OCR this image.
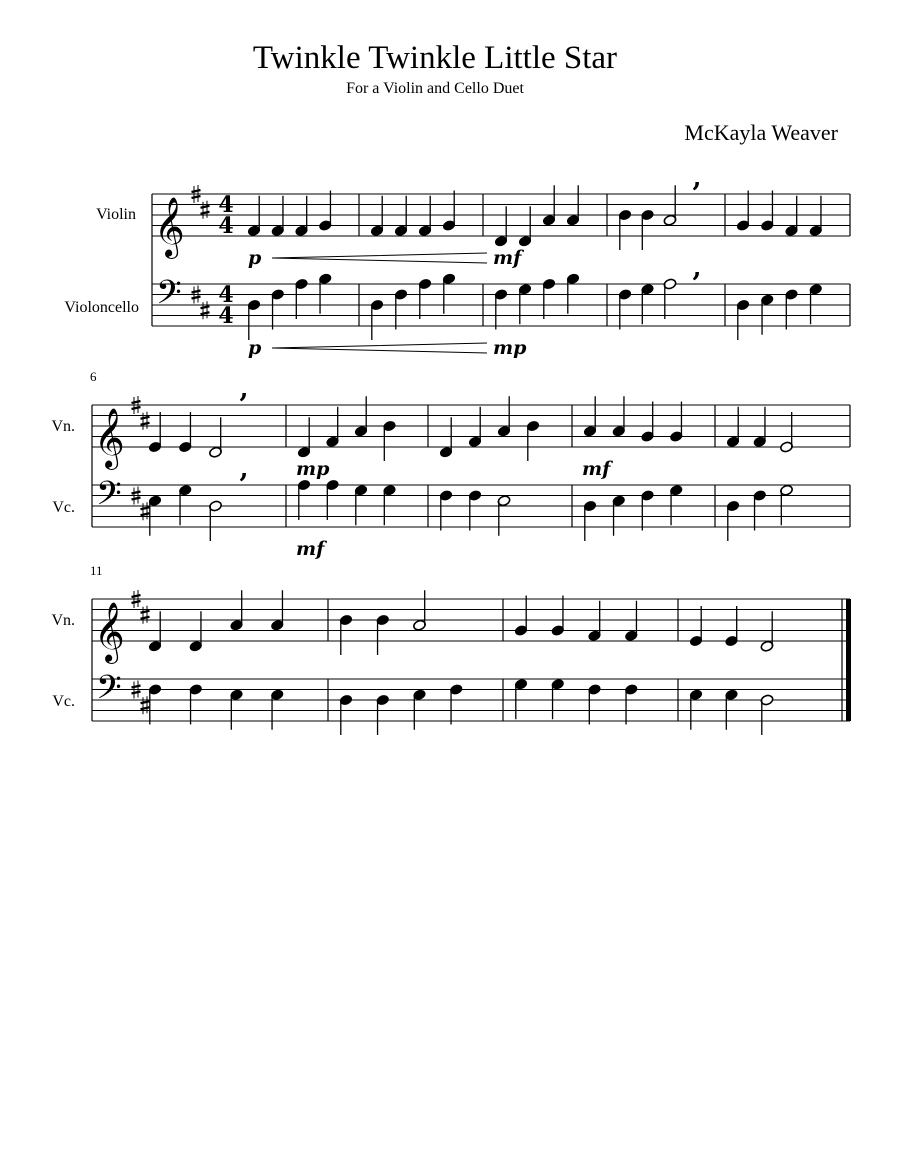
Twinkle Twinkle Little Star
For a Violin and Cello Duet
McKayla Weaver
Violin
Violoncello
𝄞
𝄢
4
4
4
4
,
,
p	mf
p	mp
Vn.
Vc.
6
𝄞
𝄢
,
, mp	mf
mf
Vn.
Vc.
11
𝄞
𝄢
